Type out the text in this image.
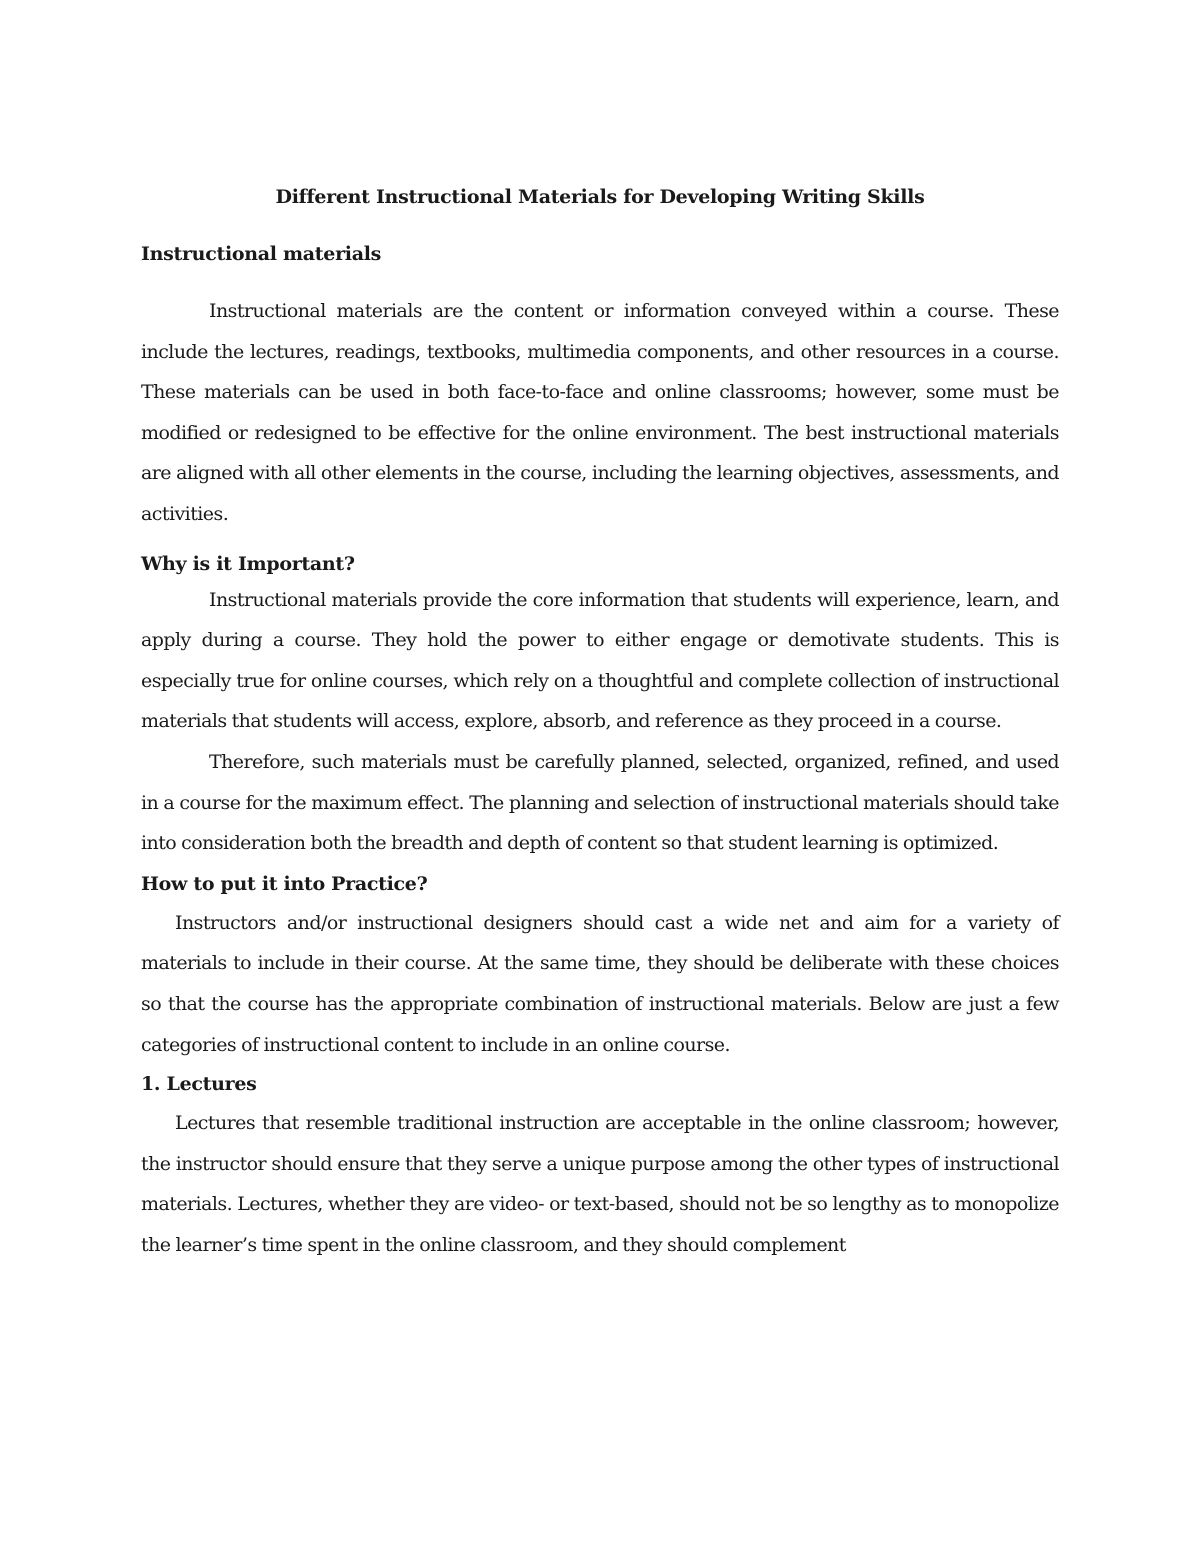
Different Instructional Materials for Developing Writing Skills
Instructional materials

Instructional materials are the content or information conveyed within a course. These include the lectures, readings, textbooks, multimedia components, and other resources in a course. These materials can be used in both face-to-face and online classrooms; however, some must be modified or redesigned to be effective for the online environment. The best instructional materials are aligned with all other elements in the course, including the learning objectives, assessments, and activities.

Why is it Important?

Instructional materials provide the core information that students will experience, learn, and apply during a course. They hold the power to either engage or demotivate students. This is especially true for online courses, which rely on a thoughtful and complete collection of instructional materials that students will access, explore, absorb, and reference as they proceed in a course.

Therefore, such materials must be carefully planned, selected, organized, refined, and used in a course for the maximum effect. The planning and selection of instructional materials should take into consideration both the breadth and depth of content so that student learning is optimized.

How to put it into Practice?

Instructors and/or instructional designers should cast a wide net and aim for a variety of materials to include in their course. At the same time, they should be deliberate with these choices so that the course has the appropriate combination of instructional materials. Below are just a few categories of instructional content to include in an online course.

1. Lectures

Lectures that resemble traditional instruction are acceptable in the online classroom; however, the instructor should ensure that they serve a unique purpose among the other types of instructional materials. Lectures, whether they are video- or text-based, should not be so lengthy as to monopolize the learner’s time spent in the online classroom, and they should complement
